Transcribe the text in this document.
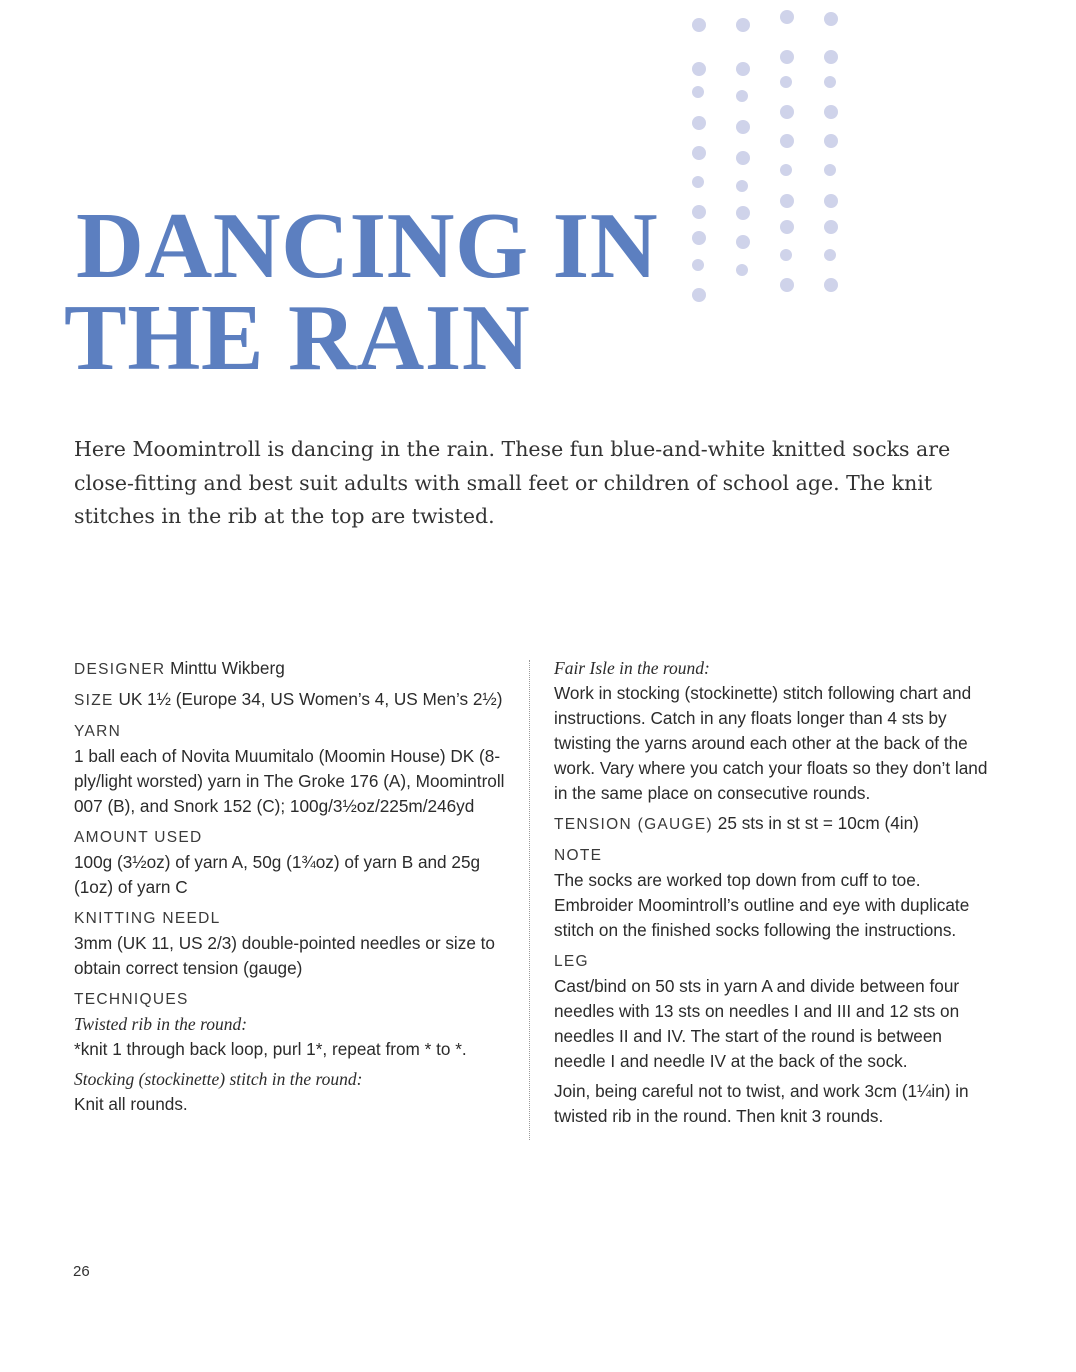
DANCING IN
THE RAIN

Here Moomintroll is dancing in the rain. These fun blue-and-white knitted socks are close-fitting and best suit adults with small feet or children of school age. The knit stitches in the rib at the top are twisted.

DESIGNER Minttu Wikberg

SIZE UK 1½ (Europe 34, US Women’s 4, US Men’s 2½)

YARN

1 ball each of Novita Muumitalo (Moomin House) DK (8-ply/light worsted) yarn in The Groke 176 (A), Moomintroll 007 (B), and Snork 152 (C); 100g/3½oz/225m/246yd

AMOUNT USED

100g (3½oz) of yarn A, 50g (1¾oz) of yarn B and 25g (1oz) of yarn C

KNITTING NEEDL

3mm (UK 11, US 2/3) double-pointed needles or size to obtain correct tension (gauge)

TECHNIQUES

Twisted rib in the round:

*knit 1 through back loop, purl 1*, repeat from * to *.

Stocking (stockinette) stitch in the round:

Knit all rounds.

Fair Isle in the round:

Work in stocking (stockinette) stitch following chart and instructions. Catch in any floats longer than 4 sts by twisting the yarns around each other at the back of the work. Vary where you catch your floats so they don’t land in the same place on consecutive rounds.

TENSION (GAUGE) 25 sts in st st = 10cm (4in)

NOTE

The socks are worked top down from cuff to toe. Embroider Moomintroll’s outline and eye with duplicate stitch on the finished socks following the instructions.

LEG

Cast/bind on 50 sts in yarn A and divide between four needles with 13 sts on needles I and III and 12 sts on needles II and IV. The start of the round is between needle I and needle IV at the back of the sock.

Join, being careful not to twist, and work 3cm (1¼in) in twisted rib in the round. Then knit 3 rounds.

26
